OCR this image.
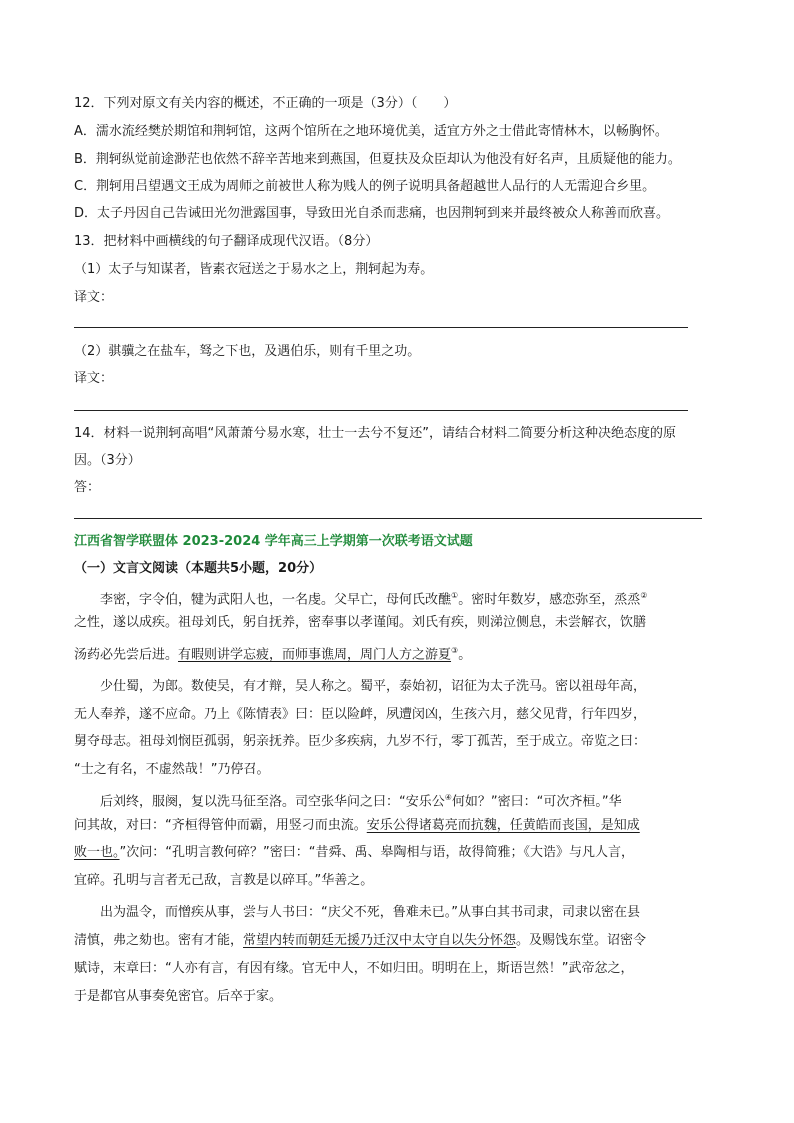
12．下列对原文有关内容的概述，不正确的一项是（3分）（　　）
A．濡水流经樊於期馆和荆轲馆，这两个馆所在之地环境优美，适宜方外之士借此寄情林木，以畅胸怀。
B．荆轲纵觉前途渺茫也依然不辞辛苦地来到燕国，但夏扶及众臣却认为他没有好名声，且质疑他的能力。
C．荆轲用吕望遇文王成为周师之前被世人称为贱人的例子说明具备超越世人品行的人无需迎合乡里。
D．太子丹因自己告诫田光勿泄露国事，导致田光自杀而悲痛，也因荆轲到来并最终被众人称善而欣喜。
13．把材料中画横线的句子翻译成现代汉语。（8分）
（1）太子与知谋者，皆素衣冠送之于易水之上，荆轲起为寿。
译文：
（2）骐骥之在盐车，驽之下也，及遇伯乐，则有千里之功。
译文：
14．材料一说荆轲高唱“风萧萧兮易水寒，壮士一去兮不复还”，请结合材料二简要分析这种决绝态度的原
因。（3分）
答：
江西省智学联盟体 2023-2024 学年高三上学期第一次联考语文试题
（一）文言文阅读（本题共5小题，20分）
　　李密，字令伯，犍为武阳人也，一名虔。父早亡，母何氏改醮①。密时年数岁，感恋弥至，烝烝②
之性，遂以成疾。祖母刘氏，躬自抚养，密奉事以孝谨闻。刘氏有疾，则涕泣侧息，未尝解衣，饮膳
汤药必先尝后进。有暇则讲学忘疲，而师事谯周，周门人方之游夏③。
　　少仕蜀，为郎。数使吴，有才辩，吴人称之。蜀平，泰始初，诏征为太子洗马。密以祖母年高，
无人奉养，遂不应命。乃上《陈情表》曰：臣以险衅，夙遭闵凶，生孩六月，慈父见背，行年四岁，
舅夺母志。祖母刘悯臣孤弱，躬亲抚养。臣少多疾病，九岁不行，零丁孤苦，至于成立。帝览之曰：
“士之有名，不虚然哉！”乃停召。
　　后刘终，服阕，复以洗马征至洛。司空张华问之曰：“安乐公④何如？”密曰：“可次齐桓。”华
问其故，对曰：“齐桓得管仲而霸，用竖刁而虫流。安乐公得诸葛亮而抗魏，任黄皓而丧国，是知成
败一也。”次问：“孔明言教何碎？”密曰：“昔舜、禹、皋陶相与语，故得简雅；《大诰》与凡人言，
宜碎。孔明与言者无己敌，言教是以碎耳。”华善之。
　　出为温令，而憎疾从事，尝与人书曰：“庆父不死，鲁难未已。”从事白其书司隶，司隶以密在县
清慎，弗之劾也。密有才能，常望内转而朝廷无援乃迁汉中太守自以失分怀怨。及赐饯东堂。诏密令
赋诗，末章曰：“人亦有言，有因有缘。官无中人，不如归田。明明在上，斯语岂然！”武帝忿之，
于是都官从事奏免密官。后卒于家。
